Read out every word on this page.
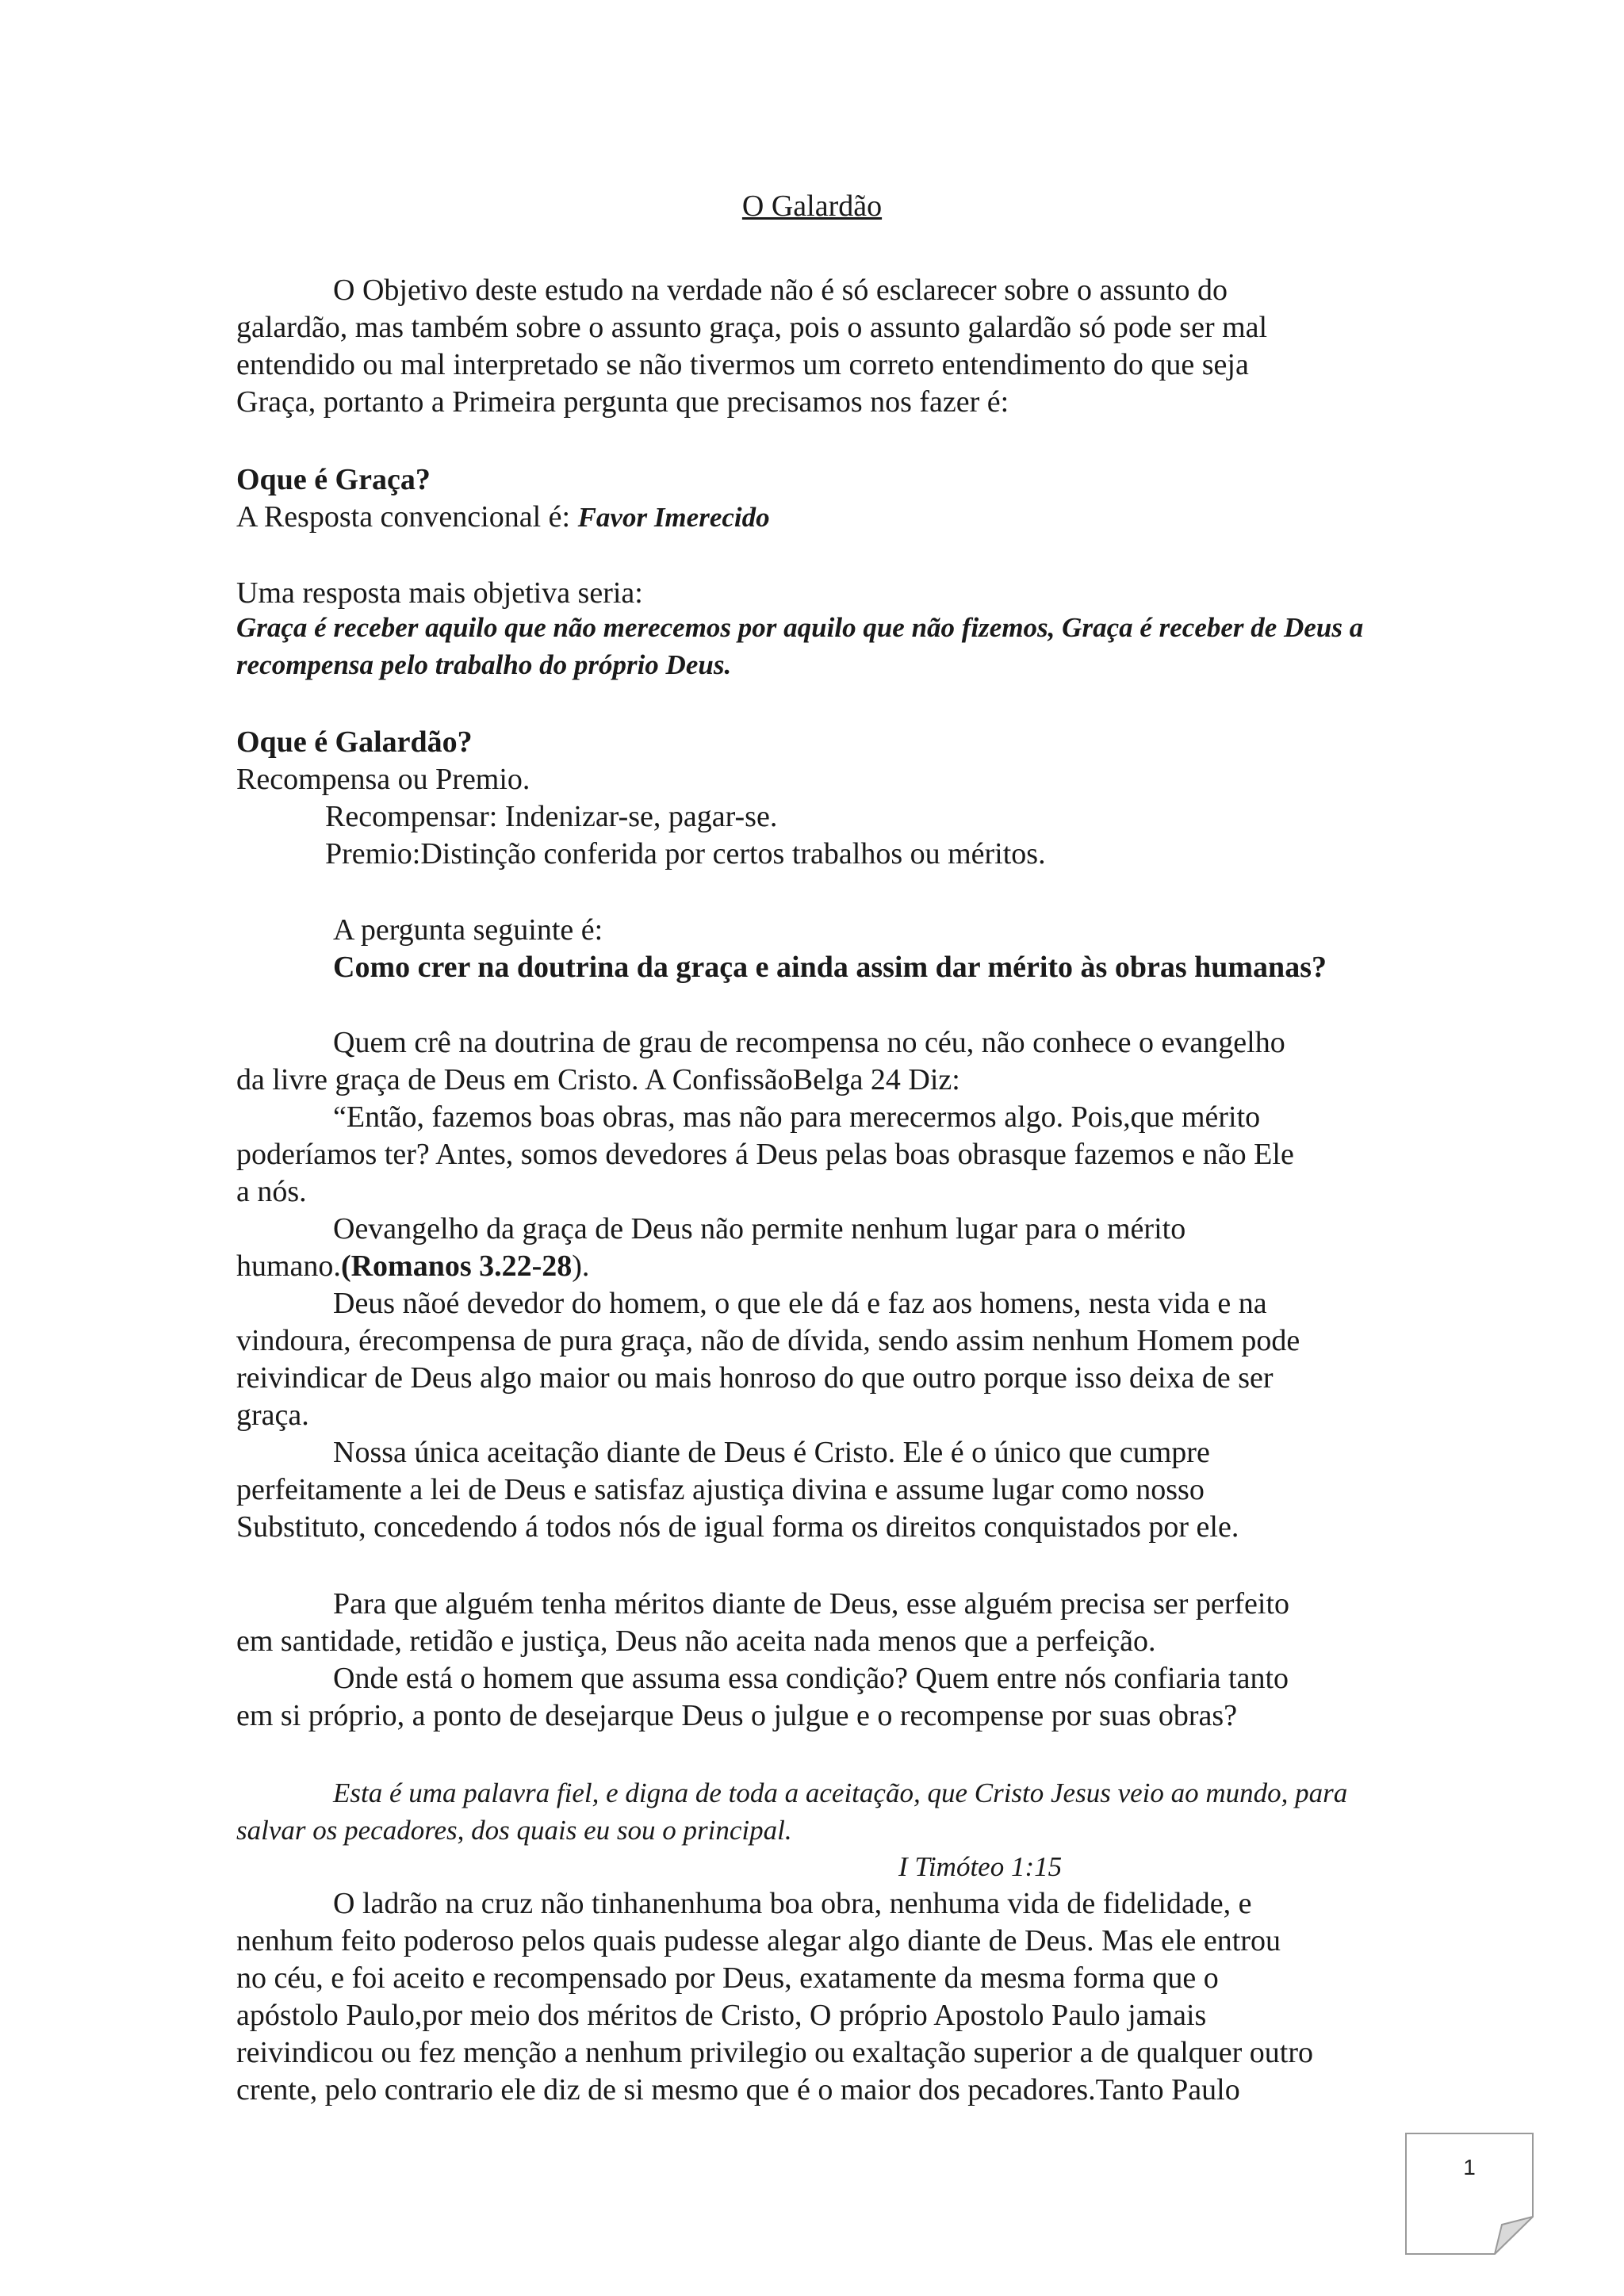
O Galardão
O Objetivo deste estudo na verdade não é só esclarecer sobre o assunto do
galardão, mas também sobre o assunto graça, pois o assunto galardão só pode ser mal
entendido ou mal interpretado se não tivermos um correto entendimento do que seja
Graça, portanto a Primeira pergunta que precisamos nos fazer é:
Oque é Graça?
A Resposta convencional é: Favor Imerecido
Uma resposta mais objetiva seria:
Graça é receber aquilo que não merecemos por aquilo que não fizemos, Graça é receber de Deus a
recompensa pelo trabalho do próprio Deus.
Oque é Galardão?
Recompensa ou Premio.
Recompensar: Indenizar-se, pagar-se.
Premio:Distinção conferida por certos trabalhos ou méritos.
A pergunta seguinte é:
Como crer na doutrina da graça e ainda assim dar mérito às obras humanas?
Quem crê na doutrina de grau de recompensa no céu, não conhece o evangelho
da livre graça de Deus em Cristo. A ConfissãoBelga 24 Diz:
“Então, fazemos boas obras, mas não para merecermos algo. Pois,que mérito
poderíamos ter? Antes, somos devedores á Deus pelas boas obrasque fazemos e não Ele
a nós.
Oevangelho da graça de Deus não permite nenhum lugar para o mérito
humano.(Romanos 3.22-28).
Deus nãoé devedor do homem, o que ele dá e faz aos homens, nesta vida e na
vindoura, érecompensa de pura graça, não de dívida, sendo assim nenhum Homem pode
reivindicar de Deus algo maior ou mais honroso do que outro porque isso deixa de ser
graça.
Nossa única aceitação diante de Deus é Cristo. Ele é o único que cumpre
perfeitamente a lei de Deus e satisfaz ajustiça divina e assume lugar como nosso
Substituto, concedendo á todos nós de igual forma os direitos conquistados por ele.
Para que alguém tenha méritos diante de Deus, esse alguém precisa ser perfeito
em santidade, retidão e justiça, Deus não aceita nada menos que a perfeição.
Onde está o homem que assuma essa condição? Quem entre nós confiaria tanto
em si próprio, a ponto de desejarque Deus o julgue e o recompense por suas obras?
Esta é uma palavra fiel, e digna de toda a aceitação, que Cristo Jesus veio ao mundo, para
salvar os pecadores, dos quais eu sou o principal.
I Timóteo 1:15
O ladrão na cruz não tinhanenhuma boa obra, nenhuma vida de fidelidade, e
nenhum feito poderoso pelos quais pudesse alegar algo diante de Deus. Mas ele entrou
no céu, e foi aceito e recompensado por Deus, exatamente da mesma forma que o
apóstolo Paulo,por meio dos méritos de Cristo, O próprio Apostolo Paulo jamais
reivindicou ou fez menção a nenhum privilegio ou exaltação superior a de qualquer outro
crente, pelo contrario ele diz de si mesmo que é o maior dos pecadores.Tanto Paulo
1
